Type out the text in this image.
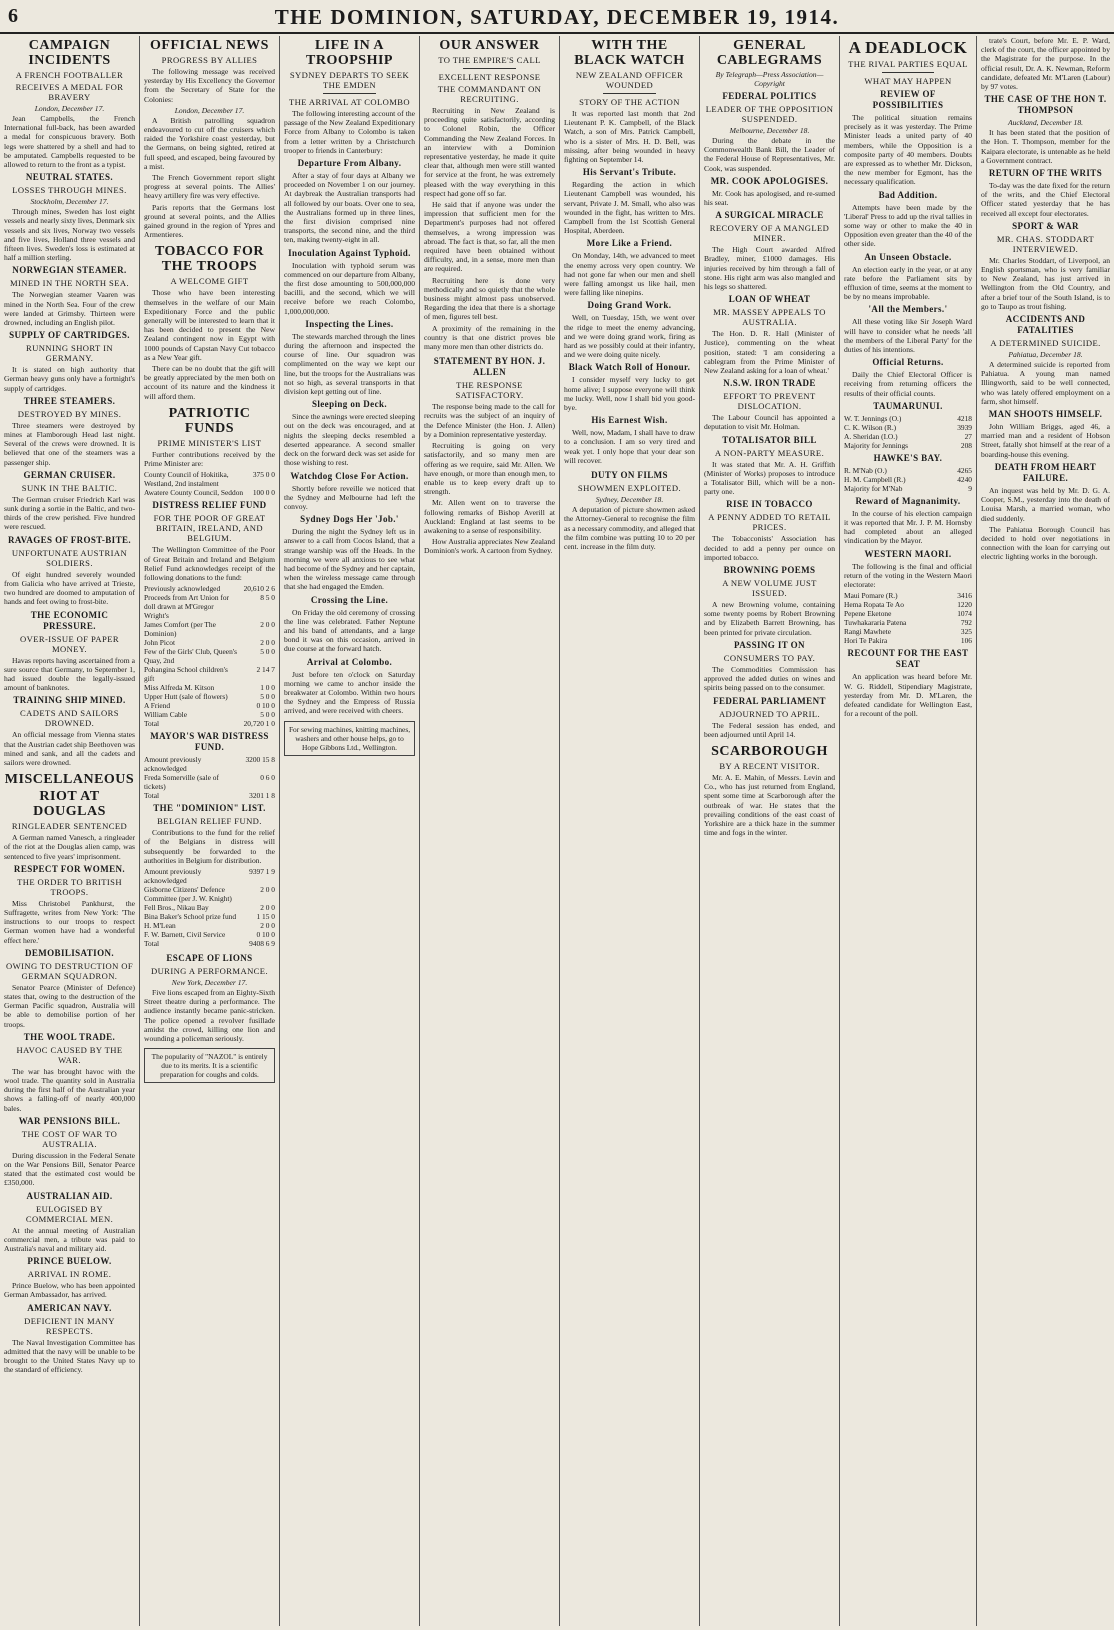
6	THE DOMINION, SATURDAY, DECEMBER 19, 1914.
CAMPAIGN INCIDENTS
A FRENCH FOOTBALLER
RECEIVES A MEDAL FOR BRAVERY
London, December 17.

Jean Campbells, the French International full-back, has been awarded a medal for conspicuous bravery. Both legs were shattered by a shell and had to be amputated. Campbells requested to be allowed to return to the front as a typist.

NEUTRAL STATES.
LOSSES THROUGH MINES.
Stockholm, December 17.

Through mines, Sweden has lost eight vessels and nearly sixty lives, Denmark six vessels and six lives, Norway two vessels and five lives, Holland three vessels and fifteen lives. Sweden's loss is estimated at half a million sterling.

NORWEGIAN STEAMER.
MINED IN THE NORTH SEA.

The Norwegian steamer Vaaren was mined in the North Sea. Four of the crew were landed at Grimsby. Thirteen were drowned, including an English pilot.

SUPPLY OF CARTRIDGES.
RUNNING SHORT IN GERMANY.

It is stated on high authority that German heavy guns only have a fortnight's supply of cartridges.

THREE STEAMERS.
DESTROYED BY MINES.

Three steamers were destroyed by mines at Flamborough Head last night. Several of the crews were drowned. It is believed that one of the steamers was a passenger ship.

GERMAN CRUISER.
SUNK IN THE BALTIC.

The German cruiser Friedrich Karl was sunk during a sortie in the Baltic, and two-thirds of the crew perished. Five hundred were rescued.

RAVAGES OF FROST-BITE.
UNFORTUNATE AUSTRIAN SOLDIERS.

Of eight hundred severely wounded from Galicia who have arrived at Trieste, two hundred are doomed to amputation of hands and feet owing to frost-bite.

THE ECONOMIC PRESSURE.
OVER-ISSUE OF PAPER MONEY.

Havas reports having ascertained from a sure source that Germany, to September 1, had issued double the legally-issued amount of banknotes.

TRAINING SHIP MINED.
CADETS AND SAILORS DROWNED.

An official message from Vienna states that the Austrian cadet ship Beethoven was mined and sank, and all the cadets and sailors were drowned.

MISCELLANEOUS
RIOT AT DOUGLAS
RINGLEADER SENTENCED

A German named Vanesch, a ringleader of the riot at the Douglas alien camp, was sentenced to five years' imprisonment.

RESPECT FOR WOMEN.
THE ORDER TO BRITISH TROOPS.

Miss Christobel Pankhurst, the Suffragette, writes from New York: 'The instructions to our troops to respect German women have had a wonderful effect here.'

DEMOBILISATION.
OWING TO DESTRUCTION OF GERMAN SQUADRON.

Senator Pearce (Minister of Defence) states that, owing to the destruction of the German Pacific squadron, Australia will be able to demobilise portion of her troops.

THE WOOL TRADE.
HAVOC CAUSED BY THE WAR.

The war has brought havoc with the wool trade. The quantity sold in Australia during the first half of the Australian year shows a falling-off of nearly 400,000 bales.

WAR PENSIONS BILL.
THE COST OF WAR TO AUSTRALIA.

During discussion in the Federal Senate on the War Pensions Bill, Senator Pearce stated that the estimated cost would be £350,000.

AUSTRALIAN AID.
EULOGISED BY COMMERCIAL MEN.

At the annual meeting of Australian commercial men, a tribute was paid to Australia's naval and military aid.

PRINCE BUELOW.
ARRIVAL IN ROME.

Prince Buelow, who has been appointed German Ambassador, has arrived.

AMERICAN NAVY.
DEFICIENT IN MANY RESPECTS.

The Naval Investigation Committee has admitted that the navy will be unable to be brought to the United States Navy up to the standard of efficiency.

OFFICIAL NEWS
PROGRESS BY ALLIES

The following message was received yesterday by His Excellency the Governor from the Secretary of State for the Colonies:

London, December 17.

A British patrolling squadron endeavoured to cut off the cruisers which raided the Yorkshire coast yesterday, but the Germans, on being sighted, retired at full speed, and escaped, being favoured by a mist.

The French Government report slight progress at several points. The Allies' heavy artillery fire was very effective.

Paris reports that the Germans lost ground at several points, and the Allies gained ground in the region of Ypres and Armentieres.

TOBACCO FOR THE TROOPS
A WELCOME GIFT

Those who have been interesting themselves in the welfare of our Main Expeditionary Force and the public generally will be interested to learn that it has been decided to present the New Zealand contingent now in Egypt with 1000 pounds of Capstan Navy Cut tobacco as a New Year gift.

There can be no doubt that the gift will be greatly appreciated by the men both on account of its nature and the kindness it will afford them.

PATRIOTIC FUNDS
PRIME MINISTER'S LIST

Further contributions received by the Prime Minister are:

County Council of Hokitika, Westland, 2nd instalment	375 0 0
Awatere County Council, Seddon	100 0 0
DISTRESS RELIEF FUND
FOR THE POOR OF GREAT BRITAIN, IRELAND, AND BELGIUM.

The Wellington Committee of the Poor of Great Britain and Ireland and Belgium Relief Fund acknowledges receipt of the following donations to the fund:

Previously acknowledged	20,610 2 6
Proceeds from Art Union for doll drawn at M'Gregor Wright's	8 5 0
James Comfort (per The Dominion)	2 0 0
John Picot	2 0 0
Few of the Girls' Club, Queen's Quay, 2nd	5 0 0
Pohangina School children's gift	2 14 7
Miss Alfreda M. Kitson	1 0 0
Upper Hutt (sale of flowers)	5 0 0
A Friend	0 10 0
William Cable	5 0 0
Total	20,720 1 0
MAYOR'S WAR DISTRESS FUND.
Amount previously acknowledged	3200 15 8
Freda Somerville (sale of tickets)	0 6 0
Total	3201 1 8
THE "DOMINION" LIST.
BELGIAN RELIEF FUND.

Contributions to the fund for the relief of the Belgians in distress will subsequently be forwarded to the authorities in Belgium for distribution.

Amount previously acknowledged	9397 1 9
Gisborne Citizens' Defence Committee (per J. W. Knight)	2 0 0
Fell Bros., Nikau Bay	2 0 0
Bina Baker's School prize fund	1 15 0
H. M'Lean	2 0 0
F. W. Barnett, Civil Service	0 10 0
Total	9408 6 9
ESCAPE OF LIONS
DURING A PERFORMANCE.
New York, December 17.

Five lions escaped from an Eighty-Sixth Street theatre during a performance. The audience instantly became panic-stricken. The police opened a revolver fusillade amidst the crowd, killing one lion and wounding a policeman seriously.

The popularity of "NAZOL" is entirely due to its merits. It is a scientific preparation for coughs and colds.
LIFE IN A TROOPSHIP
SYDNEY DEPARTS TO SEEK THE EMDEN
THE ARRIVAL AT COLOMBO

The following interesting account of the passage of the New Zealand Expeditionary Force from Albany to Colombo is taken from a letter written by a Christchurch trooper to friends in Canterbury:

Departure From Albany.

After a stay of four days at Albany we proceeded on November 1 on our journey. At daybreak the Australian transports had all followed by our boats. Over one to sea, the Australians formed up in three lines, the first division comprised nine transports, the second nine, and the third ten, making twenty-eight in all.

Inoculation Against Typhoid.

Inoculation with typhoid serum was commenced on our departure from Albany, the first dose amounting to 500,000,000 bacilli, and the second, which we will receive before we reach Colombo, 1,000,000,000.

Inspecting the Lines.

The stewards marched through the lines during the afternoon and inspected the course of line. Our squadron was complimented on the way we kept our line, but the troops for the Australians was not so high, as several transports in that division kept getting out of line.

Sleeping on Deck.

Since the awnings were erected sleeping out on the deck was encouraged, and at nights the sleeping decks resembled a deserted appearance. A second smaller deck on the forward deck was set aside for those wishing to rest.

Watchdog Close For Action.

Shortly before reveille we noticed that the Sydney and Melbourne had left the convoy.

Sydney Dogs Her 'Job.'

During the night the Sydney left us in answer to a call from Cocos Island, that a strange warship was off the Heads. In the morning we were all anxious to see what had become of the Sydney and her captain, when the wireless message came through that she had engaged the Emden.

Crossing the Line.

On Friday the old ceremony of crossing the line was celebrated. Father Neptune and his band of attendants, and a large bond it was on this occasion, arrived in due course at the forward hatch.

Arrival at Colombo.

Just before ten o'clock on Saturday morning we came to anchor inside the breakwater at Colombo. Within two hours the Sydney and the Empress of Russia arrived, and were received with cheers.

For sewing machines, knitting machines, washers and other house helps, go to Hope Gibbons Ltd., Wellington.
OUR ANSWER
TO THE EMPIRE'S CALL
EXCELLENT RESPONSE
THE COMMANDANT ON RECRUITING.

Recruiting in New Zealand is proceeding quite satisfactorily, according to Colonel Robin, the Officer Commanding the New Zealand Forces. In an interview with a Dominion representative yesterday, he made it quite clear that, although men were still wanted for service at the front, he was extremely pleased with the way everything in this respect had gone off so far.

He said that if anyone was under the impression that sufficient men for the Department's purposes had not offered themselves, a wrong impression was abroad. The fact is that, so far, all the men required have been obtained without difficulty, and, in a sense, more men than are required.

Recruiting here is done very methodically and so quietly that the whole business might almost pass unobserved. Regarding the idea that there is a shortage of men, figures tell best.

A proximity of the remaining in the country is that one district proves ble many more men than other districts do.

STATEMENT BY HON. J. ALLEN
THE RESPONSE SATISFACTORY.

The response being made to the call for recruits was the subject of an inquiry of the Defence Minister (the Hon. J. Allen) by a Dominion representative yesterday.

Recruiting is going on very satisfactorily, and so many men are offering as we require, said Mr. Allen. We have enough, or more than enough men, to enable us to keep every draft up to strength.

Mr. Allen went on to traverse the following remarks of Bishop Averill at Auckland: England at last seems to be awakening to a sense of responsibility.

How Australia appreciates New Zealand Dominion's work. A cartoon from Sydney.

WITH THE BLACK WATCH
NEW ZEALAND OFFICER WOUNDED
STORY OF THE ACTION

It was reported last month that 2nd Lieutenant P. K. Campbell, of the Black Watch, a son of Mrs. Patrick Campbell, who is a sister of Mrs. H. D. Bell, was missing, after being wounded in heavy fighting on September 14.

His Servant's Tribute.

Regarding the action in which Lieutenant Campbell was wounded, his servant, Private J. M. Small, who also was wounded in the fight, has written to Mrs. Campbell from the 1st Scottish General Hospital, Aberdeen.

More Like a Friend.

On Monday, 14th, we advanced to meet the enemy across very open country. We had not gone far when our men and shell were falling amongst us like hail, men were falling like ninepins.

Doing Grand Work.

Well, on Tuesday, 15th, we went over the ridge to meet the enemy advancing, and we were doing grand work, firing as hard as we possibly could at their infantry, and we were doing quite nicely.

Black Watch Roll of Honour.

I consider myself very lucky to get home alive; I suppose everyone will think me lucky. Well, now I shall bid you good-bye.

His Earnest Wish.

Well, now, Madam, I shall have to draw to a conclusion. I am so very tired and weak yet. I only hope that your dear son will recover.

DUTY ON FILMS
SHOWMEN EXPLOITED.
Sydney, December 18.

A deputation of picture showmen asked the Attorney-General to recognise the film as a necessary commodity, and alleged that the film combine was putting 10 to 20 per cent. increase in the film duty.

GENERAL CABLEGRAMS
By Telegraph—Press Association—Copyright
FEDERAL POLITICS
LEADER OF THE OPPOSITION SUSPENDED.
Melbourne, December 18.

During the debate in the Commonwealth Bank Bill, the Leader of the Federal House of Representatives, Mr. Cook, was suspended.

MR. COOK APOLOGISES.

Mr. Cook has apologised, and re-sumed his seat.

A SURGICAL MIRACLE
RECOVERY OF A MANGLED MINER.

The High Court awarded Alfred Bradley, miner, £1000 damages. His injuries received by him through a fall of stone. His right arm was also mangled and his legs so shattered.

LOAN OF WHEAT
MR. MASSEY APPEALS TO AUSTRALIA.

The Hon. D. R. Hall (Minister of Justice), commenting on the wheat position, stated: 'I am considering a cablegram from the Prime Minister of New Zealand asking for a loan of wheat.'

N.S.W. IRON TRADE
EFFORT TO PREVENT DISLOCATION.

The Labour Council has appointed a deputation to visit Mr. Holman.

TOTALISATOR BILL
A NON-PARTY MEASURE.

It was stated that Mr. A. H. Griffith (Minister of Works) proposes to introduce a Totalisator Bill, which will be a non-party one.

RISE IN TOBACCO
A PENNY ADDED TO RETAIL PRICES.

The Tobacconists' Association has decided to add a penny per ounce on imported tobacco.

BROWNING POEMS
A NEW VOLUME JUST ISSUED.

A new Browning volume, containing some twenty poems by Robert Browning and by Elizabeth Barrett Browning, has been printed for private circulation.

PASSING IT ON
CONSUMERS TO PAY.

The Commodities Commission has approved the added duties on wines and spirits being passed on to the consumer.

FEDERAL PARLIAMENT
ADJOURNED TO APRIL.

The Federal session has ended, and been adjourned until April 14.

SCARBOROUGH
BY A RECENT VISITOR.

Mr. A. E. Mahin, of Messrs. Levin and Co., who has just returned from England, spent some time at Scarborough after the outbreak of war. He states that the prevailing conditions of the east coast of Yorkshire are a thick haze in the summer time and fogs in the winter.

A DEADLOCK
THE RIVAL PARTIES EQUAL
WHAT MAY HAPPEN
REVIEW OF POSSIBILITIES

The political situation remains precisely as it was yesterday. The Prime Minister leads a united party of 40 members, while the Opposition is a composite party of 40 members. Doubts are expressed as to whether Mr. Dickson, the new member for Egmont, has the necessary qualification.

Bad Addition.

Attempts have been made by the 'Liberal' Press to add up the rival tallies in some way or other to make the 40 in Opposition even greater than the 40 of the other side.

An Unseen Obstacle.

An election early in the year, or at any rate before the Parliament sits by effluxion of time, seems at the moment to be by no means improbable.

'All the Members.'

All these voting like Sir Joseph Ward will have to consider what he needs 'all the members of the Liberal Party' for the duties of his intentions.

Official Returns.

Daily the Chief Electoral Officer is receiving from returning officers the results of their official counts.

TAUMARUNUI.
W. T. Jennings (O.)	4218
C. K. Wilson (R.)	3939
A. Sheridan (I.O.)	27
Majority for Jennings	208
HAWKE'S BAY.
R. M'Nab (O.)	4265
H. M. Campbell (R.)	4240
Majority for M'Nab	9
Reward of Magnanimity.

In the course of his election campaign it was reported that Mr. J. P. M. Hornsby had completed about an alleged vindication by the Mayor.

WESTERN MAORI.

The following is the final and official return of the voting in the Western Maori electorate:

Maui Pomare (R.)	3416
Hema Ropata Te Ao	1220
Pepene Eketone	1074
Tuwhakararia Patena	792
Rangi Mawhete	325
Hori Te Pakira	106
RECOUNT FOR THE EAST SEAT

An application was heard before Mr. W. G. Riddell, Stipendiary Magistrate, yesterday from Mr. D. M'Laren, the defeated candidate for Wellington East, for a recount of the poll.

trate's Court, before Mr. E. P. Ward, clerk of the court, the officer appointed by the Magistrate for the purpose. In the official result, Dr. A. K. Newman, Reform candidate, defeated Mr. M'Laren (Labour) by 97 votes.

THE CASE OF THE HON T. THOMPSON
Auckland, December 18.

It has been stated that the position of the Hon. T. Thompson, member for the Kaipara electorate, is untenable as he held a Government contract.

RETURN OF THE WRITS

To-day was the date fixed for the return of the writs, and the Chief Electoral Officer stated yesterday that he has received all except four electorates.

SPORT & WAR
MR. CHAS. STODDART INTERVIEWED.

Mr. Charles Stoddart, of Liverpool, an English sportsman, who is very familiar to New Zealand, has just arrived in Wellington from the Old Country, and after a brief tour of the South Island, is to go to Taupo as trout fishing.

ACCIDENTS AND FATALITIES
A DETERMINED SUICIDE.
Pahiatua, December 18.

A determined suicide is reported from Pahiatua. A young man named Illingworth, said to be well connected, who was lately offered employment on a farm, shot himself.

MAN SHOOTS HIMSELF.

John William Briggs, aged 46, a married man and a resident of Hobson Street, fatally shot himself at the rear of a boarding-house this evening.

DEATH FROM HEART FAILURE.

An inquest was held by Mr. D. G. A. Cooper, S.M., yesterday into the death of Louisa Marsh, a married woman, who died suddenly.

The Pahiatua Borough Council has decided to hold over negotiations in connection with the loan for carrying out electric lighting works in the borough.
